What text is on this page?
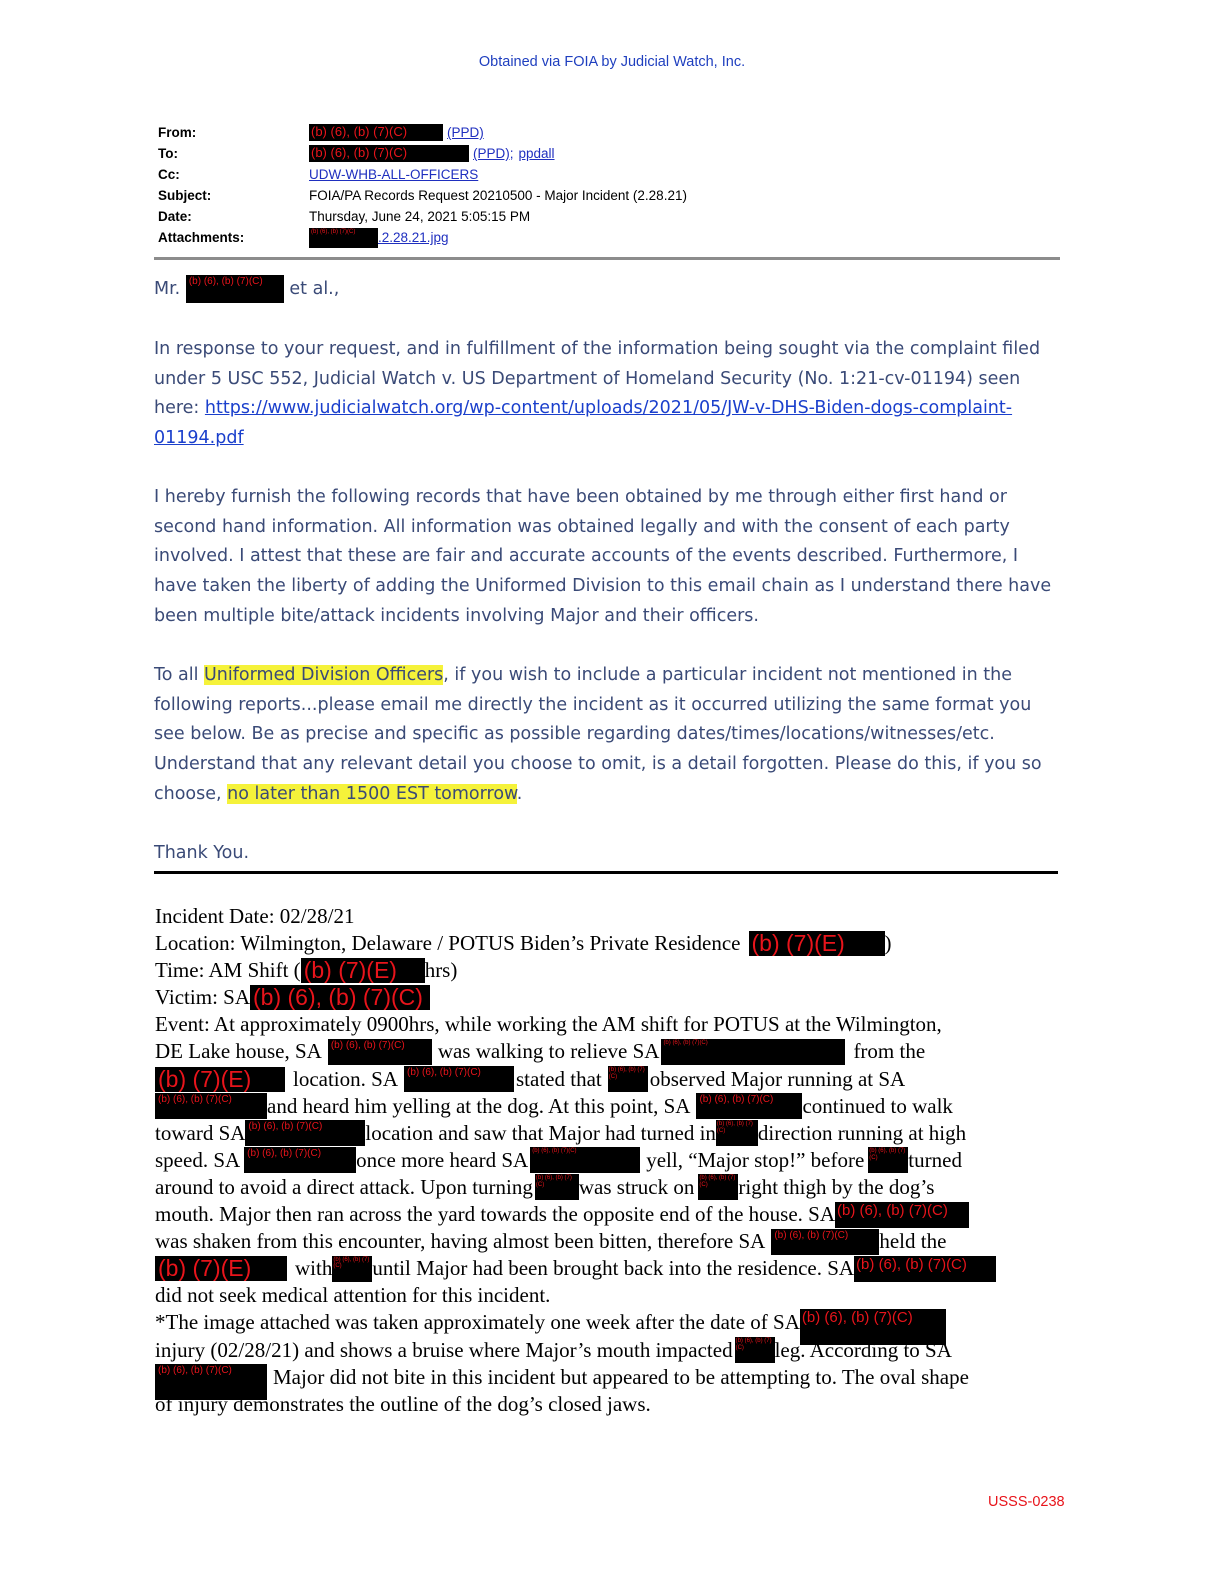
Obtained via FOIA by Judicial Watch, Inc.
From:	(b) (6), (b) (7)(C)	(PPD)
To:	(b) (6), (b) (7)(C)	(PPD); ppdall
Cc:	UDW-WHB-ALL-OFFICERS
Subject:	FOIA/PA Records Request 20210500 - Major Incident (2.28.21)
Date:	Thursday, June 24, 2021 5:05:15 PM
Attachments:	(b) (6), (b) (7)(C)	.2.28.21.jpg
Mr. (b) (6), (b) (7)(C) et al.,
In response to your request, and in fulfillment of the information being sought via the complaint filed under 5 USC 552, Judicial Watch v. US Department of Homeland Security (No. 1:21-cv-01194) seen here: https://www.judicialwatch.org/wp-content/uploads/2021/05/JW-v-DHS-Biden-dogs-complaint-01194.pdf
I hereby furnish the following records that have been obtained by me through either first hand or second hand information. All information was obtained legally and with the consent of each party involved. I attest that these are fair and accurate accounts of the events described. Furthermore, I have taken the liberty of adding the Uniformed Division to this email chain as I understand there have been multiple bite/attack incidents involving Major and their officers.
To all Uniformed Division Officers, if you wish to include a particular incident not mentioned in the following reports...please email me directly the incident as it occurred utilizing the same format you see below. Be as precise and specific as possible regarding dates/times/locations/witnesses/etc. Understand that any relevant detail you choose to omit, is a detail forgotten. Please do this, if you so choose, no later than 1500 EST tomorrow.
Thank You.
Incident Date: 02/28/21
Location: Wilmington, Delaware / POTUS Biden’s Private Residence (b) (7)(E)	)
Time: AM Shift ( (b) (7)(E)	hrs)
Victim: SA (b) (6), (b) (7)(C)
Event: At approximately 0900hrs, while working the AM shift for POTUS at the Wilmington,
DE Lake house, SA (b) (6), (b) (7)(C)	was walking to relieve SA (b) (6), (b) (7)(C)	from the
(b) (7)(E)	location. SA (b) (6), (b) (7)(C)	stated that (b) (6), (b) (7)(C)	observed Major running at SA
(b) (6), (b) (7)(C)	and heard him yelling at the dog. At this point, SA (b) (6), (b) (7)(C)	continued to walk
toward SA (b) (6), (b) (7)(C)	location and saw that Major had turned in (b) (6), (b) (7)(C)	direction running at high
speed. SA (b) (6), (b) (7)(C)	once more heard SA (b) (6), (b) (7)(C)	yell, “Major stop!” before (b) (6), (b) (7)(C)	turned
around to avoid a direct attack. Upon turning (b) (6), (b) (7)(C)	was struck on (b) (6), (b) (7)(C)	right thigh by the dog’s
mouth. Major then ran across the yard towards the opposite end of the house. SA (b) (6), (b) (7)(C)
was shaken from this encounter, having almost been bitten, therefore SA (b) (6), (b) (7)(C)	held the
(b) (7)(E)	with (b) (6), (b) (7)(C)	until Major had been brought back into the residence. SA (b) (6), (b) (7)(C)
did not seek medical attention for this incident.
*The image attached was taken approximately one week after the date of SA (b) (6), (b) (7)(C)
injury (02/28/21) and shows a bruise where Major’s mouth impacted (b) (6), (b) (7)(C)	leg. According to SA
(b) (6), (b) (7)(C)	Major did not bite in this incident but appeared to be attempting to. The oval shape
of injury demonstrates the outline of the dog’s closed jaws.
USSS-0238
